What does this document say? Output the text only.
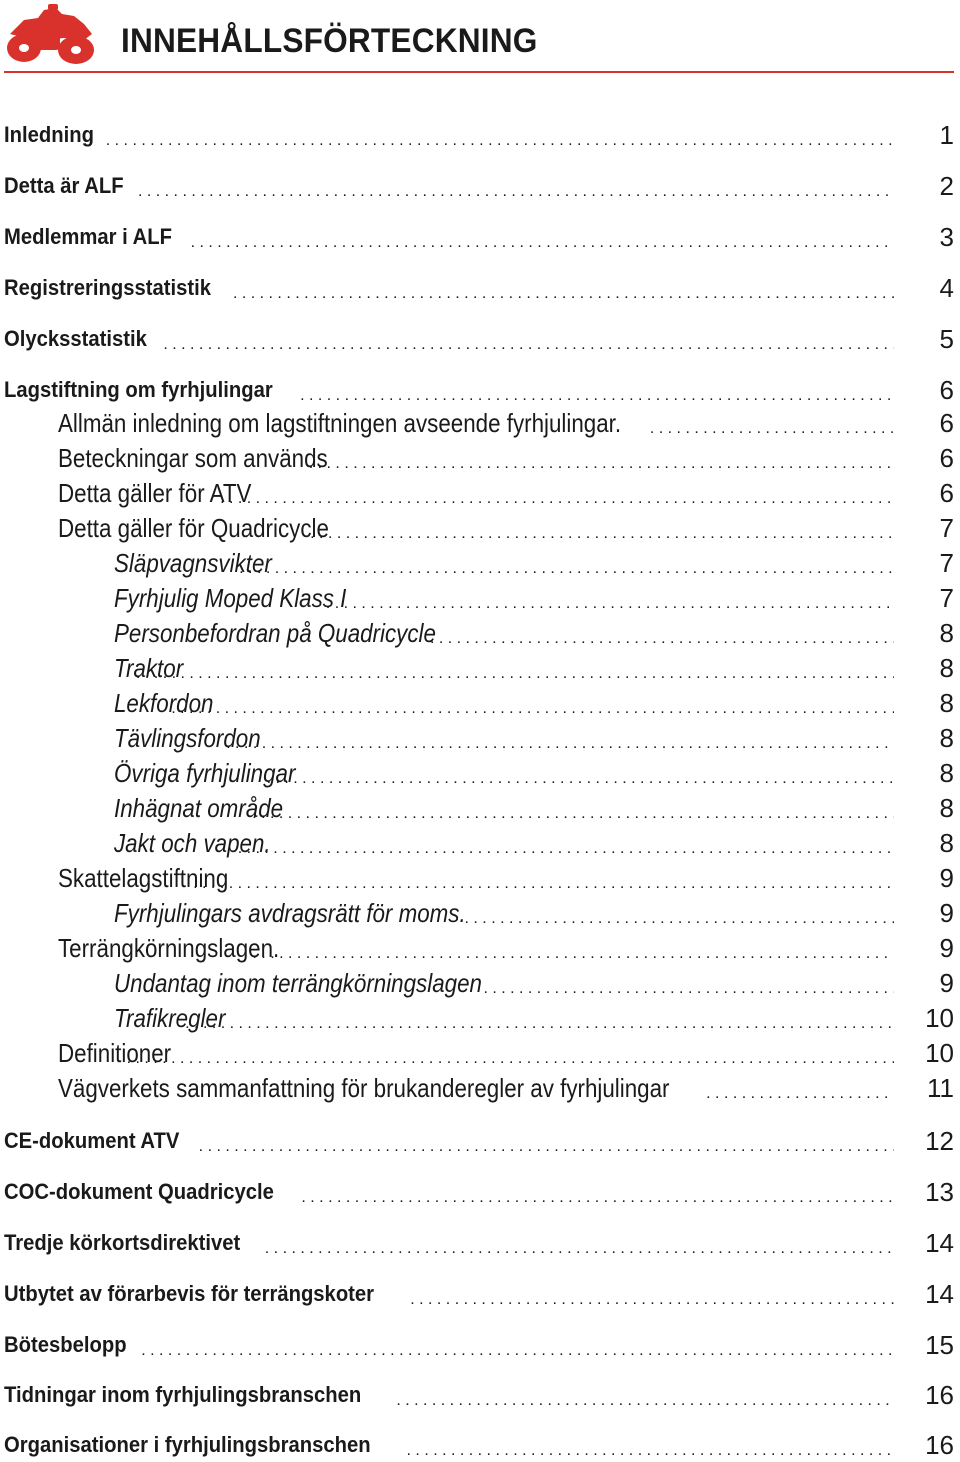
INNEHÅLLSFÖRTECKNING
Inledning . . .	1
Detta är ALF . . .	2
Medlemmar i ALF . . .	3
Registreringsstatistik . . .	4
Olycksstatistik . . .	5
Lagstiftning om fyrhjulingar . . .	6
Allmän inledning om lagstiftningen avseende fyrhjulingar. . . .	6
Beteckningar som används . . .	6
Detta gäller för ATV . . .	6
Detta gäller för Quadricycle . . .	7
Släpvagnsvikter . . .	7
Fyrhjulig Moped Klass I . . .	7
Personbefordran på Quadricycle . . .	8
Traktor . . .	8
Lekfordon . . .	8
Tävlingsfordon . . .	8
Övriga fyrhjulingar . . .	8
Inhägnat område . . .	8
Jakt och vapen. . . .	8
Skattelagstiftning . . .	9
Fyrhjulingars avdragsrätt för moms. . . .	9
Terrängkörningslagen. . . .	9
Undantag inom terrängkörningslagen . . .	9
Trafikregler . . .	10
Definitioner . . .	10
Vägverkets sammanfattning för brukanderegler av fyrhjulingar . . .	11
CE-dokument ATV . . .	12
COC-dokument Quadricycle . . .	13
Tredje körkortsdirektivet . . .	14
Utbytet av förarbevis för terrängskoter . . .	14
Bötesbelopp . . .	15
Tidningar inom fyrhjulingsbranschen . . .	16
Organisationer i fyrhjulingsbranschen . . .	16
